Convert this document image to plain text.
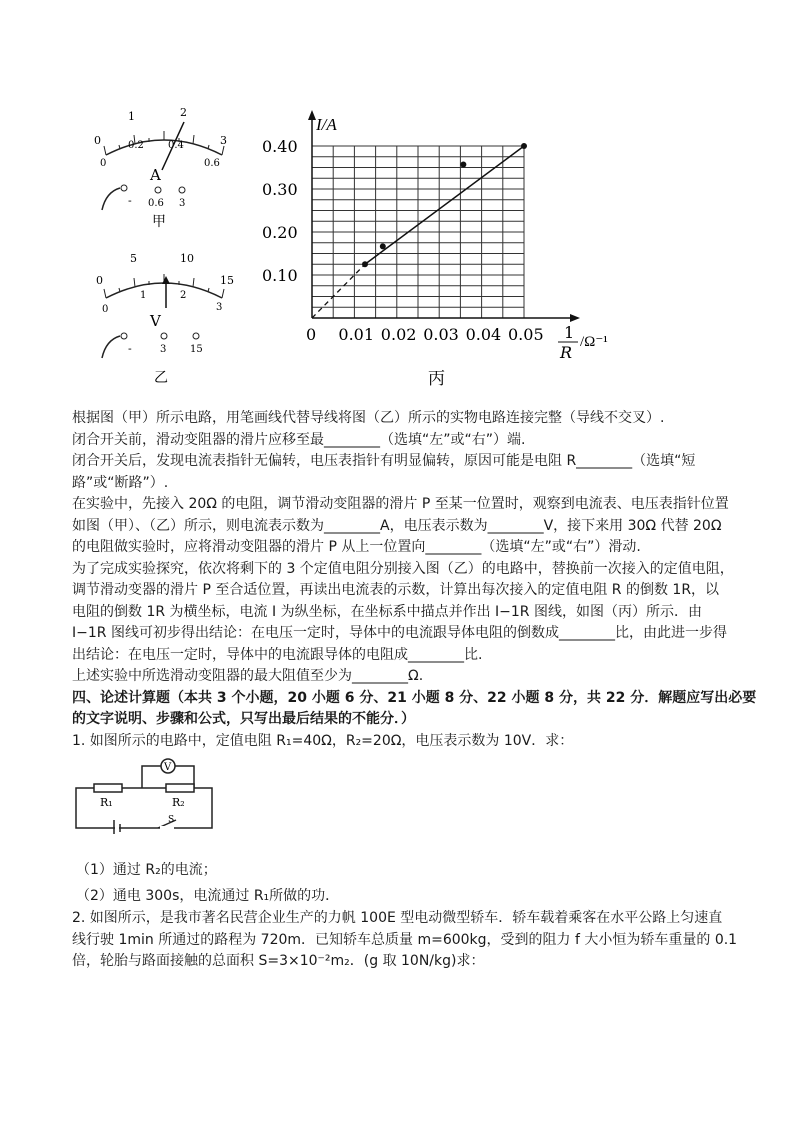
0
1	2
3
0
0.2 0.4
0.6
A
- 0.6 3
甲
0
5	10
15
0
1	2
3
V
-	3 15
乙
I/A
0.10
0.20
0.30
0.40
0 0.01 0.02 0.03 0.04 0.05 1
R
/Ω⁻¹
丙
根据图（甲）所示电路，用笔画线代替导线将图（乙）所示的实物电路连接完整（导线不交叉）.
闭合开关前，滑动变阻器的滑片应移至最________（选填“左”或“右”）端.
闭合开关后，发现电流表指针无偏转，电压表指针有明显偏转，原因可能是电阻 R________（选填“短
路”或“断路”）.
在实验中，先接入 20Ω 的电阻，调节滑动变阻器的滑片 P 至某一位置时，观察到电流表、电压表指针位置
如图（甲）、（乙）所示，则电流表示数为________A，电压表示数为________V，接下来用 30Ω 代替 20Ω
的电阻做实验时，应将滑动变阻器的滑片 P 从上一位置向________（选填“左”或“右”）滑动.
为了完成实验探究，依次将剩下的 3 个定值电阻分别接入图（乙）的电路中，替换前一次接入的定值电阻，
调节滑动变器的滑片 P 至合适位置，再读出电流表的示数，计算出每次接入的定值电阻 R 的倒数 1R，以
电阻的倒数 1R 为横坐标，电流 I 为纵坐标，在坐标系中描点并作出 I−1R 图线，如图（丙）所示．由
I−1R 图线可初步得出结论：在电压一定时，导体中的电流跟导体电阻的倒数成________比，由此进一步得
出结论：在电压一定时，导体中的电流跟导体的电阻成________比.
上述实验中所选滑动变阻器的最大阻值至少为________Ω.
四、论述计算题（本共 3 个小题，20 小题 6 分、21 小题 8 分、22 小题 8 分，共 22 分．解题应写出必要
的文字说明、步骤和公式，只写出最后结果的不能分．）
1. 如图所示的电路中，定值电阻 R₁=40Ω，R₂=20Ω，电压表示数为 10V．求：
V
R₁	R₂
S
（1）通过 R₂的电流；
（2）通电 300s，电流通过 R₁所做的功．
2. 如图所示，是我市著名民营企业生产的力帆 100E 型电动微型轿车．轿车载着乘客在水平公路上匀速直
线行驶 1min 所通过的路程为 720m．已知轿车总质量 m=600kg，受到的阻力 f 大小恒为轿车重量的 0.1
倍，轮胎与路面接触的总面积 S=3×10⁻²m₂．(g 取 10N/kg)求：
